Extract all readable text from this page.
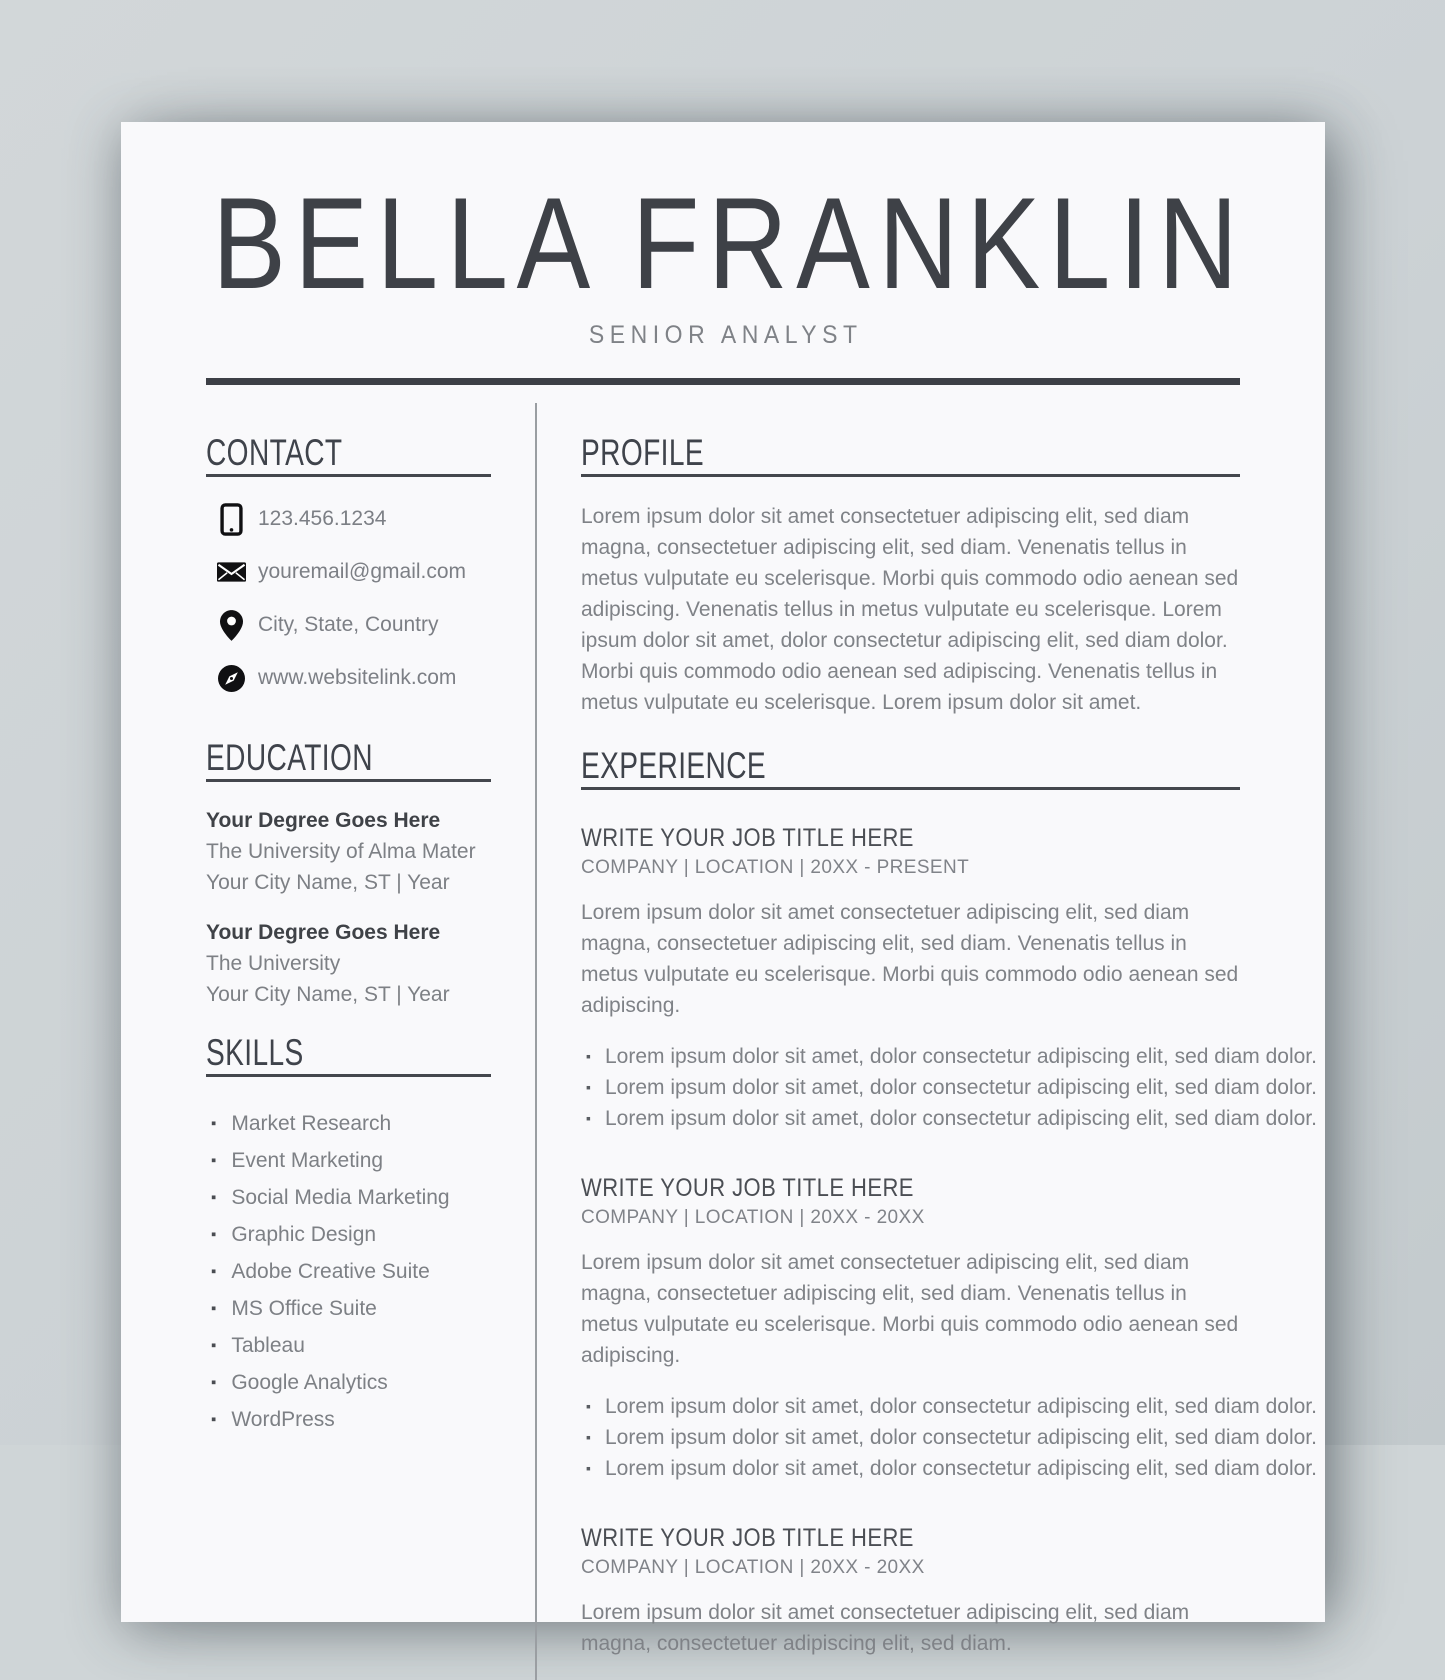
BELLA FRANKLIN
SENIOR ANALYST
CONTACT
123.456.1234
youremail@gmail.com
City, State, Country
www.websitelink.com
EDUCATION
Your Degree Goes Here
The University of Alma Mater
Your City Name, ST | Year
Your Degree Goes Here
The University
Your City Name, ST | Year
SKILLS
▪ Market Research
▪ Event Marketing
▪ Social Media Marketing
▪ Graphic Design
▪ Adobe Creative Suite
▪ MS Office Suite
▪ Tableau
▪ Google Analytics
▪ WordPress
PROFILE

Lorem ipsum dolor sit amet consectetuer adipiscing elit, sed diam magna, consectetuer adipiscing elit, sed diam. Venenatis tellus in metus vulputate eu scelerisque. Morbi quis commodo odio aenean sed adipiscing. Venenatis tellus in metus vulputate eu scelerisque. Lorem ipsum dolor sit amet, dolor consectetur adipiscing elit, sed diam dolor. Morbi quis commodo odio aenean sed adipiscing. Venenatis tellus in metus vulputate eu scelerisque. Lorem ipsum dolor sit amet.

EXPERIENCE
WRITE YOUR JOB TITLE HERE
COMPANY | LOCATION | 20XX - PRESENT

Lorem ipsum dolor sit amet consectetuer adipiscing elit, sed diam magna, consectetuer adipiscing elit, sed diam. Venenatis tellus in metus vulputate eu scelerisque. Morbi quis commodo odio aenean sed adipiscing.

▪ Lorem ipsum dolor sit amet, dolor consectetur adipiscing elit, sed diam dolor.
▪ Lorem ipsum dolor sit amet, dolor consectetur adipiscing elit, sed diam dolor.
▪ Lorem ipsum dolor sit amet, dolor consectetur adipiscing elit, sed diam dolor.
WRITE YOUR JOB TITLE HERE
COMPANY | LOCATION | 20XX - 20XX

Lorem ipsum dolor sit amet consectetuer adipiscing elit, sed diam magna, consectetuer adipiscing elit, sed diam. Venenatis tellus in metus vulputate eu scelerisque. Morbi quis commodo odio aenean sed adipiscing.

▪ Lorem ipsum dolor sit amet, dolor consectetur adipiscing elit, sed diam dolor.
▪ Lorem ipsum dolor sit amet, dolor consectetur adipiscing elit, sed diam dolor.
▪ Lorem ipsum dolor sit amet, dolor consectetur adipiscing elit, sed diam dolor.
WRITE YOUR JOB TITLE HERE
COMPANY | LOCATION | 20XX - 20XX

Lorem ipsum dolor sit amet consectetuer adipiscing elit, sed diam magna, consectetuer adipiscing elit, sed diam.
